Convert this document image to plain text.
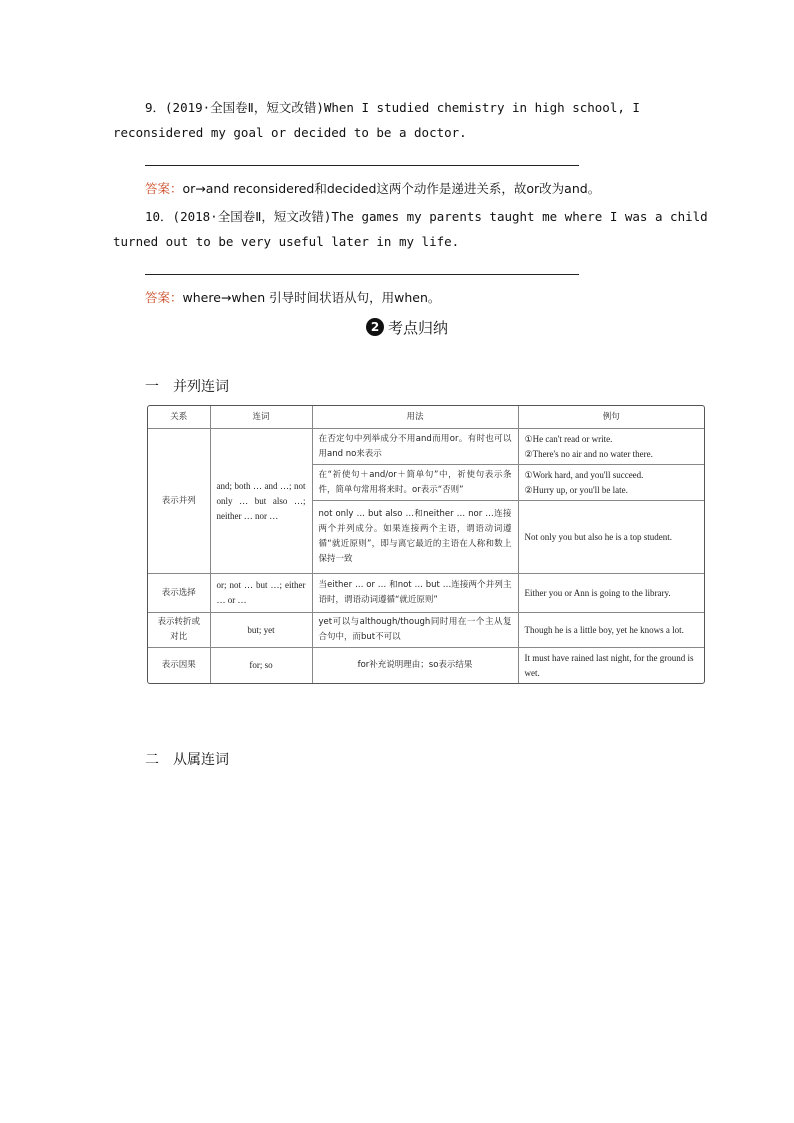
9．(2019·全国卷Ⅱ，短文改错)When I studied chemistry in high school, I
reconsidered my goal or decided to be a doctor.
答案：or→and reconsidered和decided这两个动作是递进关系，故or改为and。
10．(2018·全国卷Ⅱ，短文改错)The games my parents taught me where I was a child
turned out to be very useful later in my life.
答案：where→when 引导时间状语从句，用when。
2 考点归纳
一 并列连词
关系	连词	用法	例句
表示并列	and; both … and …; not only … but also …; neither … nor …	在否定句中列举成分不用and而用or。有时也可以用and no来表示	①He can't read or write.
②There's no air and no water there.

		在“祈使句＋and/or＋简单句”中，祈使句表示条件，简单句常用将来时。or表示“否则”	①Work hard, and you'll succeed.
②Hurry up, or you'll be late.

		not only … but also …和neither … nor …连接两个并列成分。如果连接两个主语，谓语动词遵循“就近原则”，即与离它最近的主语在人称和数上保持一致	Not only you but also he is a top student.
表示选择	or; not … but …; either … or …	当either … or … 和not … but …连接两个并列主语时，谓语动词遵循“就近原则”	Either you or Ann is going to the library.
表示转折或对比	but; yet	yet可以与although/though同时用在一个主从复合句中，而but不可以	Though he is a little boy, yet he knows a lot.
表示因果	for; so	for补充说明理由；so表示结果	It must have rained last night, for the ground is wet.
二 从属连词
